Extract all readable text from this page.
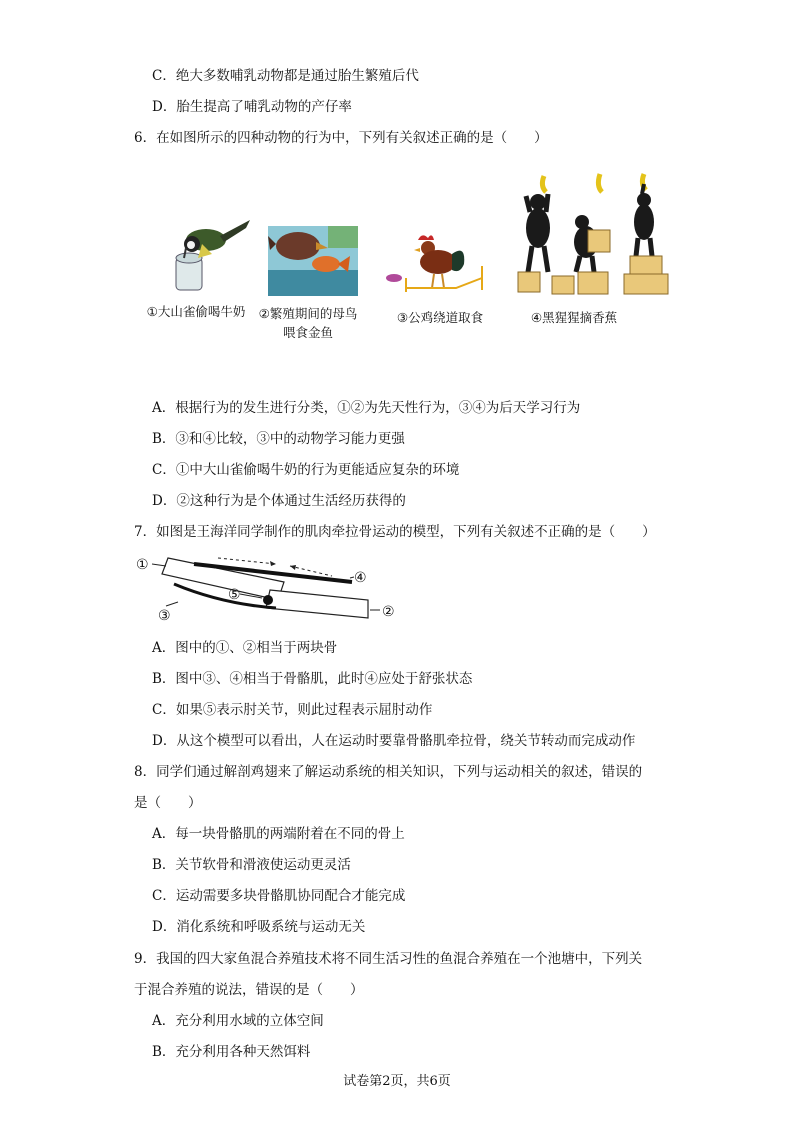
C．绝大多数哺乳动物都是通过胎生繁殖后代
D．胎生提高了哺乳动物的产仔率
6．在如图所示的四种动物的行为中，下列有关叙述正确的是（　　）
①大山雀偷喝牛奶	②繁殖期间的母鸟
喂食金鱼
③公鸡绕道取食	④黑猩猩摘香蕉
A．根据行为的发生进行分类，①②为先天性行为，③④为后天学习行为
B．③和④比较，③中的动物学习能力更强
C．①中大山雀偷喝牛奶的行为更能适应复杂的环境
D．②这种行为是个体通过生活经历获得的
7．如图是王海洋同学制作的肌肉牵拉骨运动的模型，下列有关叙述不正确的是（　　）
①
②
③
④
⑤
A．图中的①、②相当于两块骨
B．图中③、④相当于骨骼肌，此时④应处于舒张状态
C．如果⑤表示肘关节，则此过程表示屈肘动作
D．从这个模型可以看出，人在运动时要靠骨骼肌牵拉骨，绕关节转动而完成动作
8．同学们通过解剖鸡翅来了解运动系统的相关知识，下列与运动相关的叙述，错误的
是（　　）
A．每一块骨骼肌的两端附着在不同的骨上
B．关节软骨和滑液使运动更灵活
C．运动需要多块骨骼肌协同配合才能完成
D．消化系统和呼吸系统与运动无关
9．我国的四大家鱼混合养殖技术将不同生活习性的鱼混合养殖在一个池塘中，下列关
于混合养殖的说法，错误的是（　　）
A．充分利用水域的立体空间
B．充分利用各种天然饵料
试卷第2页，共6页
